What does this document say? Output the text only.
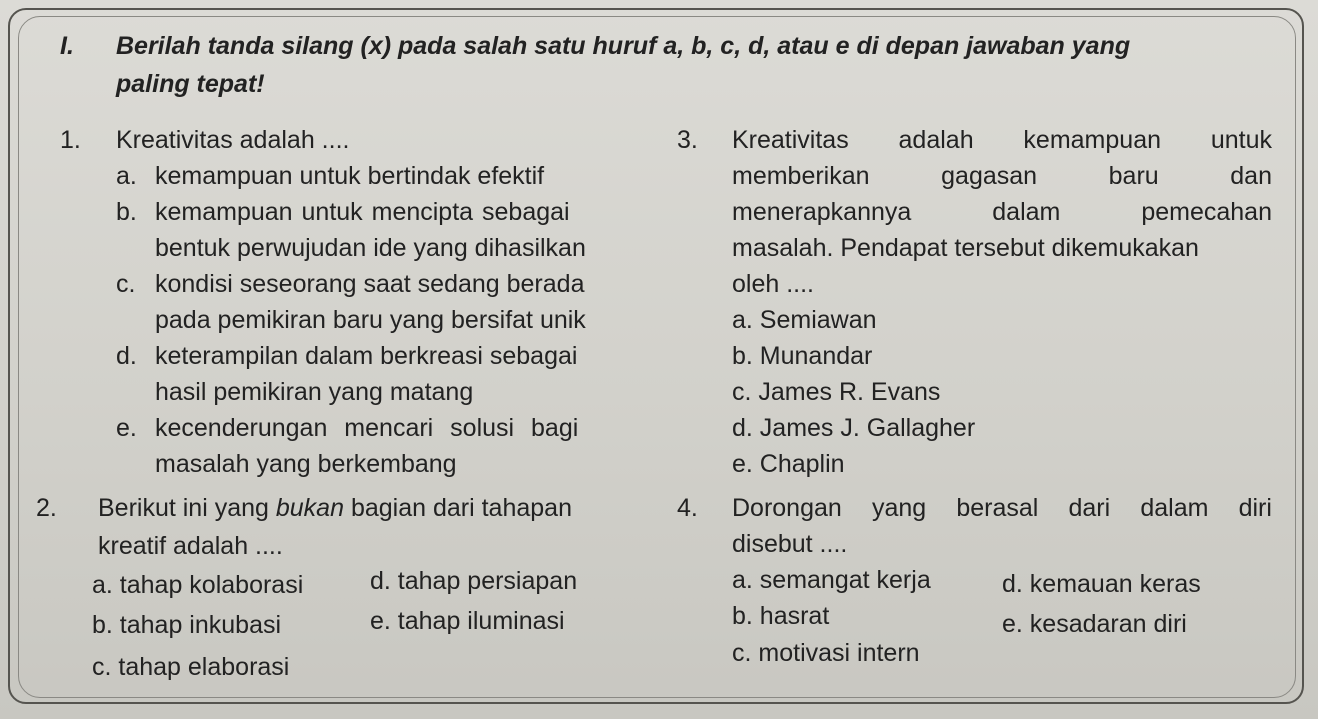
I. Berilah tanda silang (x) pada salah satu huruf a, b, c, d, atau e di depan jawaban yang
paling tepat!
1. Kreativitas adalah ....
a. kemampuan untuk bertindak efektif
b. kemampuan untuk mencipta sebagai
bentuk perwujudan ide yang dihasilkan
c. kondisi seseorang saat sedang berada
pada pemikiran baru yang bersifat unik
d. keterampilan dalam berkreasi sebagai
hasil pemikiran yang matang
e. kecenderungan mencari solusi bagi
masalah yang berkembang
2. Berikut ini yang bukan bagian dari tahapan
kreatif adalah ....
a. tahap kolaborasi	d. tahap persiapan
b. tahap inkubasi	e. tahap iluminasi
c. tahap elaborasi
3. Kreativitas adalah kemampuan untuk
memberikan	gagasan	baru	dan
menerapkannya	dalam	pemecahan
masalah. Pendapat tersebut dikemukakan
oleh ....
a. Semiawan
b. Munandar
c. James R. Evans
d. James J. Gallagher
e. Chaplin
4. Dorongan yang berasal dari dalam diri
disebut ....
a. semangat kerja	d. kemauan keras
b. hasrat	e. kesadaran diri
c. motivasi intern
